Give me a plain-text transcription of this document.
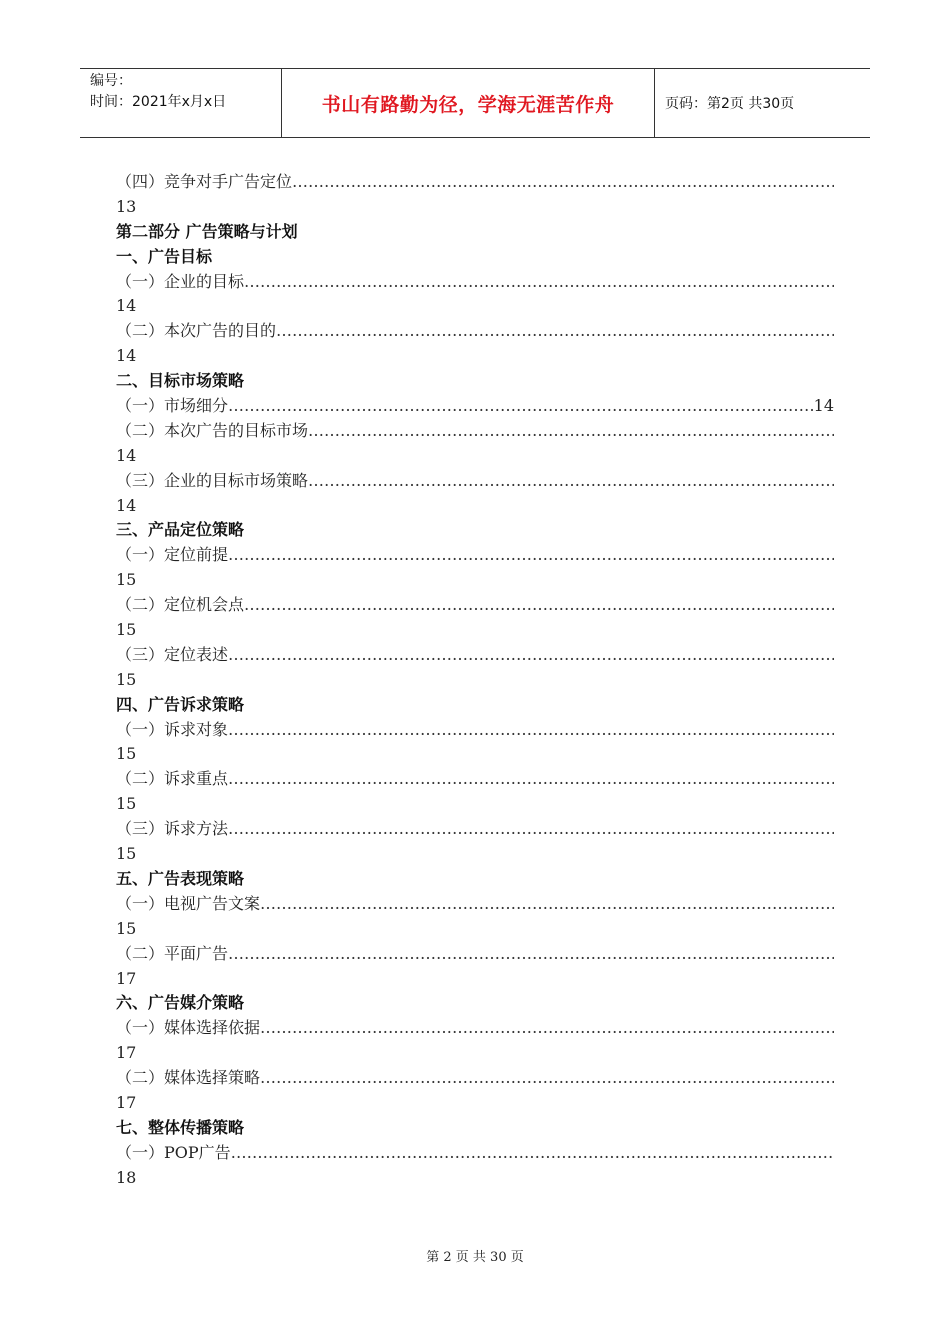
编号：
时间：2021年x月x日	书山有路勤为径，学海无涯苦作舟	页码：第2页 共30页
（四）竞争对手广告定位
…………………………………………………………………………………………………………………………………………………………………………………………
13
第二部分 广告策略与计划
一、广告目标
（一）企业的目标
…………………………………………………………………………………………………………………………………………………………………………………………
14
（二）本次广告的目的
…………………………………………………………………………………………………………………………………………………………………………………………
14
二、目标市场策略
（一）市场细分
…………………………………………………………………………………………………………………………………………………………………………………………	14
（二）本次广告的目标市场
…………………………………………………………………………………………………………………………………………………………………………………………
14
（三）企业的目标市场策略
…………………………………………………………………………………………………………………………………………………………………………………………
14
三、产品定位策略
（一）定位前提
…………………………………………………………………………………………………………………………………………………………………………………………
15
（二）定位机会点
…………………………………………………………………………………………………………………………………………………………………………………………
15
（三）定位表述
…………………………………………………………………………………………………………………………………………………………………………………………
15
四、广告诉求策略
（一）诉求对象
…………………………………………………………………………………………………………………………………………………………………………………………
15
（二）诉求重点
…………………………………………………………………………………………………………………………………………………………………………………………
15
（三）诉求方法
…………………………………………………………………………………………………………………………………………………………………………………………
15
五、广告表现策略
（一）电视广告文案
…………………………………………………………………………………………………………………………………………………………………………………………
15
（二）平面广告
…………………………………………………………………………………………………………………………………………………………………………………………
17
六、广告媒介策略
（一）媒体选择依据
…………………………………………………………………………………………………………………………………………………………………………………………
17
（二）媒体选择策略
…………………………………………………………………………………………………………………………………………………………………………………………
17
七、整体传播策略
（一）POP广告
…………………………………………………………………………………………………………………………………………………………………………………………
18
第 2 页 共 30 页
